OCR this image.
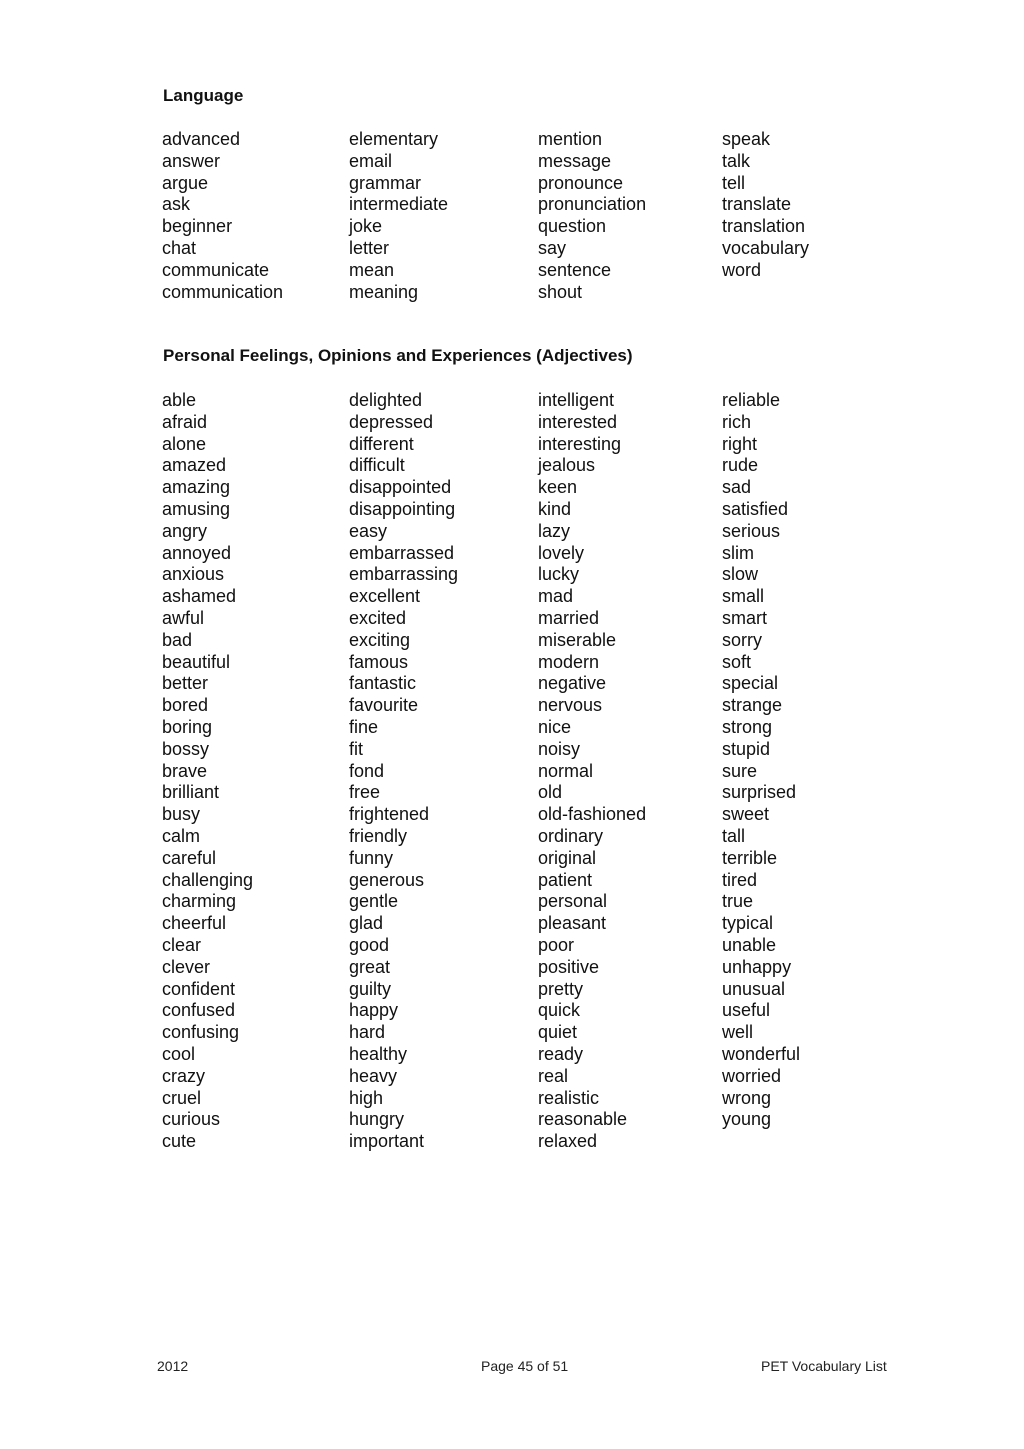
Language
advanced
answer
argue
ask
beginner
chat
communicate
communication
elementary
email
grammar
intermediate
joke
letter
mean
meaning
mention
message
pronounce
pronunciation
question
say
sentence
shout
speak
talk
tell
translate
translation
vocabulary
word
Personal Feelings, Opinions and Experiences (Adjectives)
able
afraid
alone
amazed
amazing
amusing
angry
annoyed
anxious
ashamed
awful
bad
beautiful
better
bored
boring
bossy
brave
brilliant
busy
calm
careful
challenging
charming
cheerful
clear
clever
confident
confused
confusing
cool
crazy
cruel
curious
cute
delighted
depressed
different
difficult
disappointed
disappointing
easy
embarrassed
embarrassing
excellent
excited
exciting
famous
fantastic
favourite
fine
fit
fond
free
frightened
friendly
funny
generous
gentle
glad
good
great
guilty
happy
hard
healthy
heavy
high
hungry
important
intelligent
interested
interesting
jealous
keen
kind
lazy
lovely
lucky
mad
married
miserable
modern
negative
nervous
nice
noisy
normal
old
old-fashioned
ordinary
original
patient
personal
pleasant
poor
positive
pretty
quick
quiet
ready
real
realistic
reasonable
relaxed
reliable
rich
right
rude
sad
satisfied
serious
slim
slow
small
smart
sorry
soft
special
strange
strong
stupid
sure
surprised
sweet
tall
terrible
tired
true
typical
unable
unhappy
unusual
useful
well
wonderful
worried
wrong
young
2012	Page 45 of 51	PET Vocabulary List
